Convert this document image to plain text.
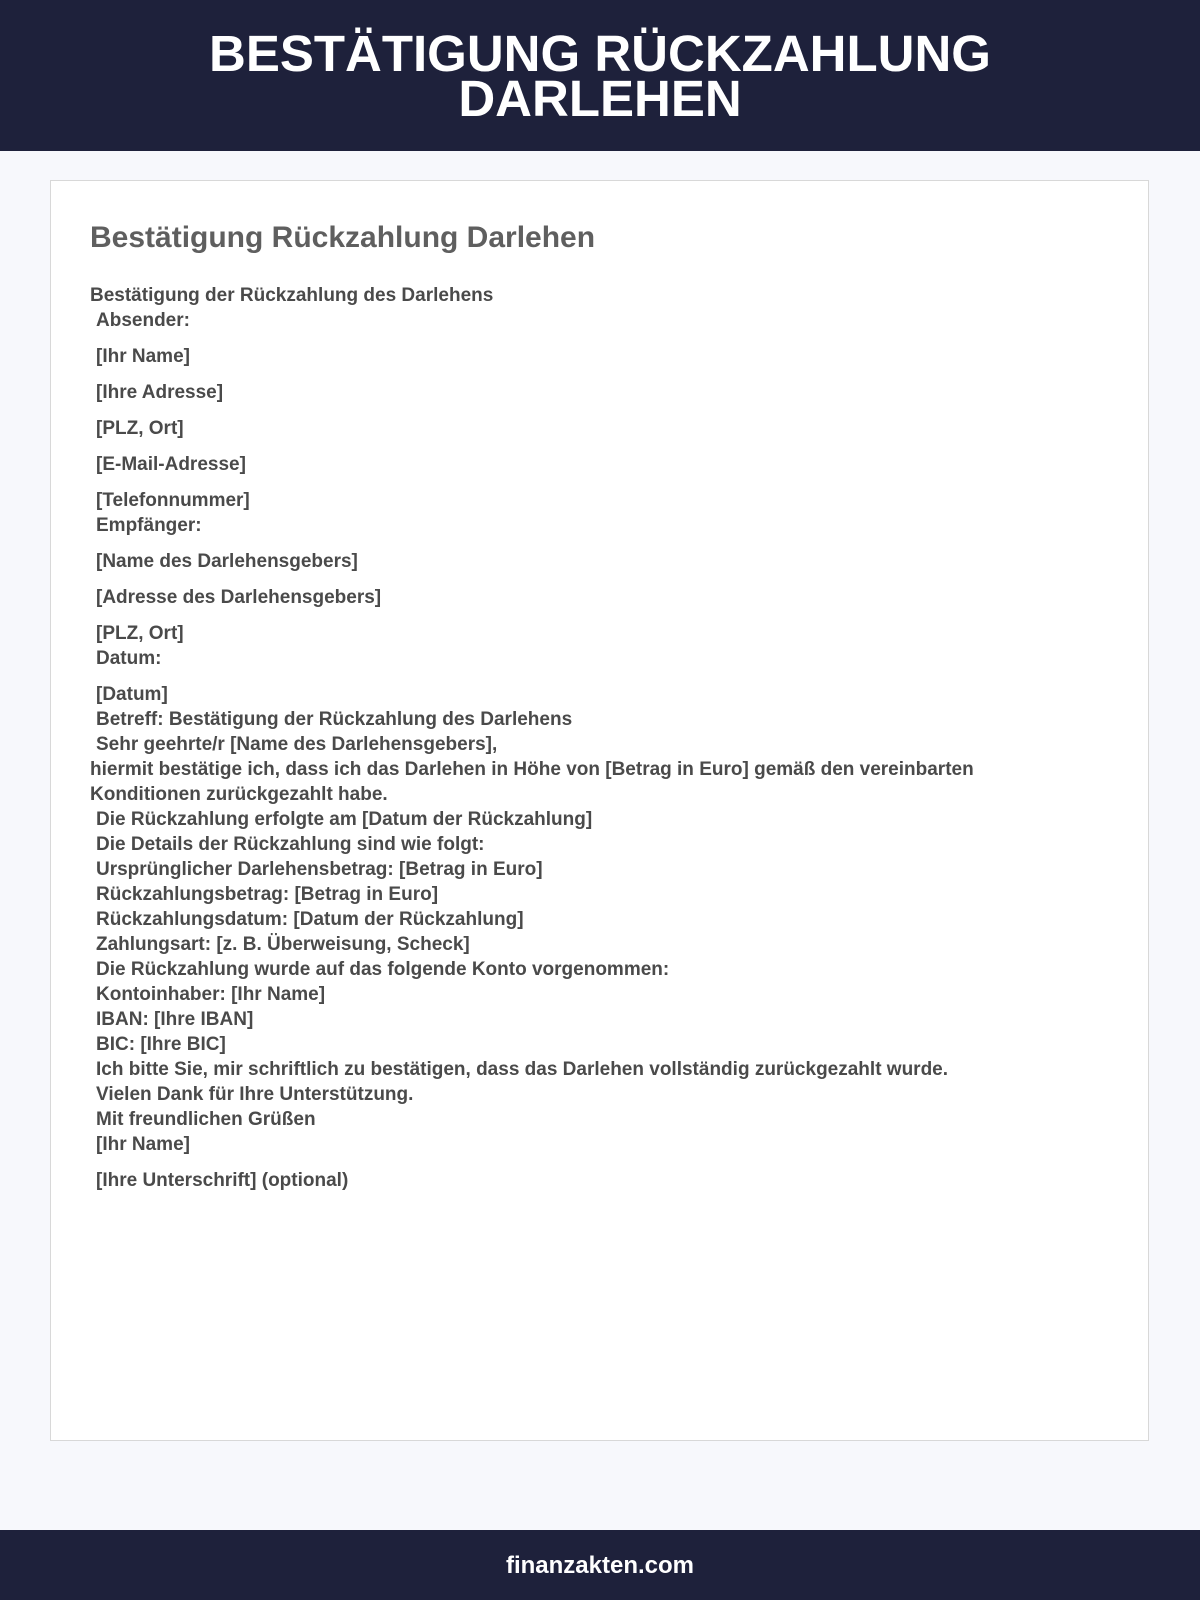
BESTÄTIGUNG RÜCKZAHLUNG DARLEHEN
Bestätigung Rückzahlung Darlehen
Bestätigung der Rückzahlung des Darlehens
Absender:
[Ihr Name]
[Ihre Adresse]
[PLZ, Ort]
[E-Mail-Adresse]
[Telefonnummer]
Empfänger:
[Name des Darlehensgebers]
[Adresse des Darlehensgebers]
[PLZ, Ort]
Datum:
[Datum]
Betreff: Bestätigung der Rückzahlung des Darlehens
Sehr geehrte/r [Name des Darlehensgebers],
hiermit bestätige ich, dass ich das Darlehen in Höhe von [Betrag in Euro] gemäß den vereinbarten Konditionen zurückgezahlt habe.
Die Rückzahlung erfolgte am [Datum der Rückzahlung]
Die Details der Rückzahlung sind wie folgt:
Ursprünglicher Darlehensbetrag: [Betrag in Euro]
Rückzahlungsbetrag: [Betrag in Euro]
Rückzahlungsdatum: [Datum der Rückzahlung]
Zahlungsart: [z. B. Überweisung, Scheck]
Die Rückzahlung wurde auf das folgende Konto vorgenommen:
Kontoinhaber: [Ihr Name]
IBAN: [Ihre IBAN]
BIC: [Ihre BIC]
Ich bitte Sie, mir schriftlich zu bestätigen, dass das Darlehen vollständig zurückgezahlt wurde.
Vielen Dank für Ihre Unterstützung.
Mit freundlichen Grüßen
[Ihr Name]
[Ihre Unterschrift] (optional)
finanzakten.com
